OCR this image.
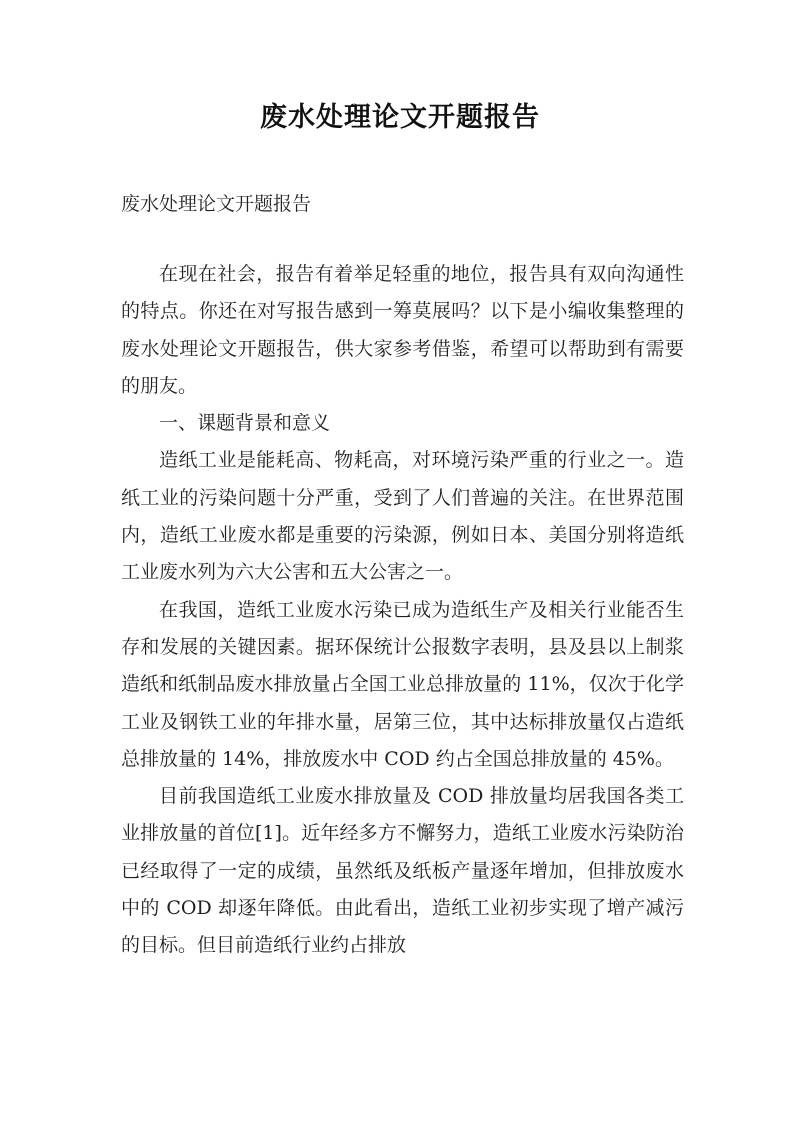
废水处理论文开题报告
废水处理论文开题报告

在现在社会，报告有着举足轻重的地位，报告具有双向沟通性的特点。你还在对写报告感到一筹莫展吗？以下是小编收集整理的废水处理论文开题报告，供大家参考借鉴，希望可以帮助到有需要的朋友。

一、课题背景和意义

造纸工业是能耗高、物耗高，对环境污染严重的行业之一。造纸工业的污染问题十分严重，受到了人们普遍的关注。在世界范围内，造纸工业废水都是重要的污染源，例如日本、美国分别将造纸工业废水列为六大公害和五大公害之一。

在我国，造纸工业废水污染已成为造纸生产及相关行业能否生存和发展的关键因素。据环保统计公报数字表明，县及县以上制浆造纸和纸制品废水排放量占全国工业总排放量的 11%，仅次于化学工业及钢铁工业的年排水量，居第三位，其中达标排放量仅占造纸总排放量的 14%，排放废水中 COD 约占全国总排放量的 45%。

目前我国造纸工业废水排放量及 COD 排放量均居我国各类工业排放量的首位[1]。近年经多方不懈努力，造纸工业废水污染防治已经取得了一定的成绩，虽然纸及纸板产量逐年增加，但排放废水中的 COD 却逐年降低。由此看出，造纸工业初步实现了增产减污的目标。但目前造纸行业约占排放
